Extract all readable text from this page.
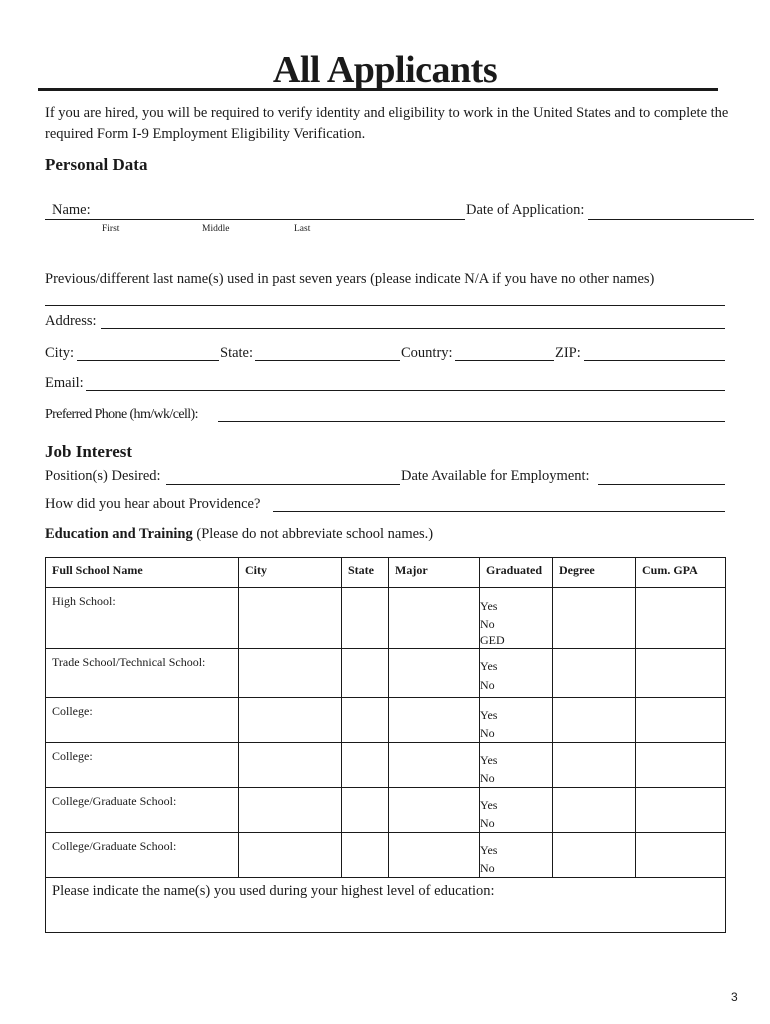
All Applicants
If you are hired, you will be required to verify identity and eligibility to work in the United States and to complete the required Form I-9 Employment Eligibility Verification.
Personal Data
Name:	Date of Application:
First	Middle	Last
Previous/different last name(s) used in past seven years (please indicate N/A if you have no other names)
Address:
City:	State:	Country:	ZIP:
Email:
Preferred Phone (hm/wk/cell):
Job Interest
Position(s) Desired:	Date Available for Employment:
How did you hear about Providence?
Education and Training (Please do not abbreviate school names.)
Full School Name	City	State	Major	Graduated	Degree	Cum. GPA
High School:				Yes
No
GED		

Trade School/Technical School:				Yes
No		

College:				Yes
No		

College:				Yes
No		

College/Graduate School:				Yes
No		

College/Graduate School:				Yes
No		

Please indicate the name(s) you used during your highest level of education:						
3
